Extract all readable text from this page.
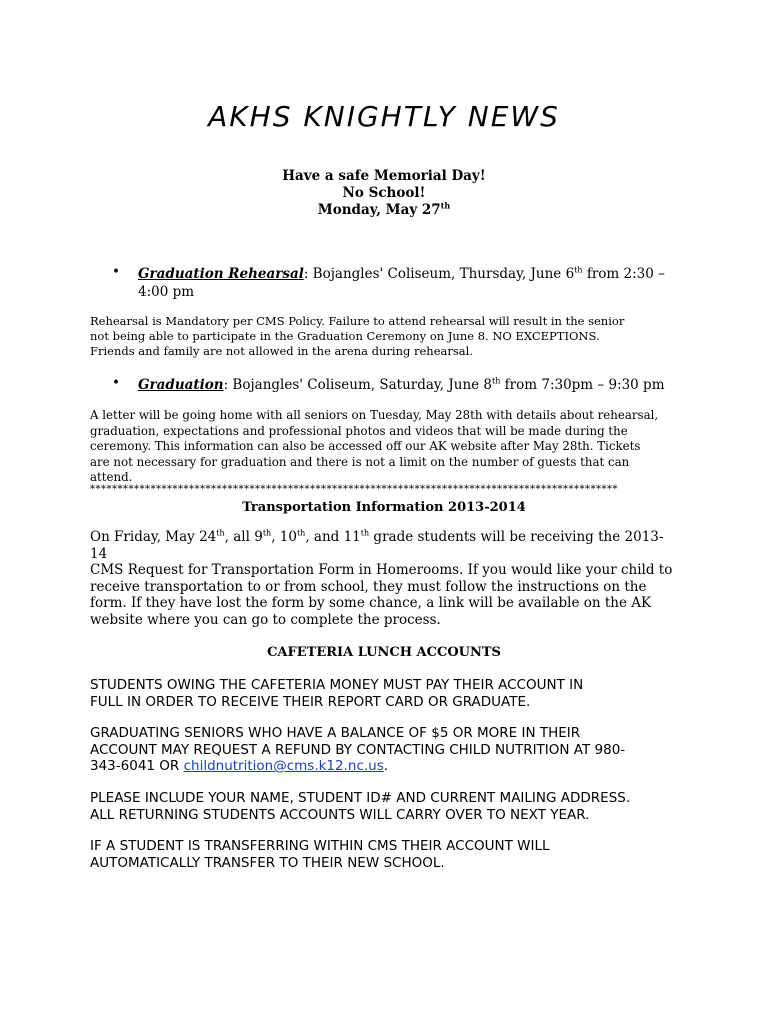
AKHS KNIGHTLY NEWS
Have a safe Memorial Day!
No School!
Monday, May 27th
• Graduation Rehearsal: Bojangles' Coliseum, Thursday, June 6th from 2:30 –
4:00 pm
Rehearsal is Mandatory per CMS Policy. Failure to attend rehearsal will result in the senior
not being able to participate in the Graduation Ceremony on June 8. NO EXCEPTIONS.
Friends and family are not allowed in the arena during rehearsal.
• Graduation: Bojangles' Coliseum, Saturday, June 8th from 7:30pm – 9:30 pm
A letter will be going home with all seniors on Tuesday, May 28th with details about rehearsal,
graduation, expectations and professional photos and videos that will be made during the
ceremony. This information can also be accessed off our AK website after May 28th. Tickets
are not necessary for graduation and there is not a limit on the number of guests that can
attend.
************************************************************************************************
Transportation Information 2013-2014
On Friday, May 24th, all 9th, 10th, and 11th grade students will be receiving the 2013-14
CMS Request for Transportation Form in Homerooms. If you would like your child to
receive transportation to or from school, they must follow the instructions on the
form. If they have lost the form by some chance, a link will be available on the AK
website where you can go to complete the process.
CAFETERIA LUNCH ACCOUNTS
STUDENTS OWING THE CAFETERIA MONEY MUST PAY THEIR ACCOUNT IN
FULL IN ORDER TO RECEIVE THEIR REPORT CARD OR GRADUATE.
GRADUATING SENIORS WHO HAVE A BALANCE OF $5 OR MORE IN THEIR
ACCOUNT MAY REQUEST A REFUND BY CONTACTING CHILD NUTRITION AT 980-
343-6041 OR childnutrition@cms.k12.nc.us.
PLEASE INCLUDE YOUR NAME, STUDENT ID# AND CURRENT MAILING ADDRESS.
ALL RETURNING STUDENTS ACCOUNTS WILL CARRY OVER TO NEXT YEAR.
IF A STUDENT IS TRANSFERRING WITHIN CMS THEIR ACCOUNT WILL
AUTOMATICALLY TRANSFER TO THEIR NEW SCHOOL.
